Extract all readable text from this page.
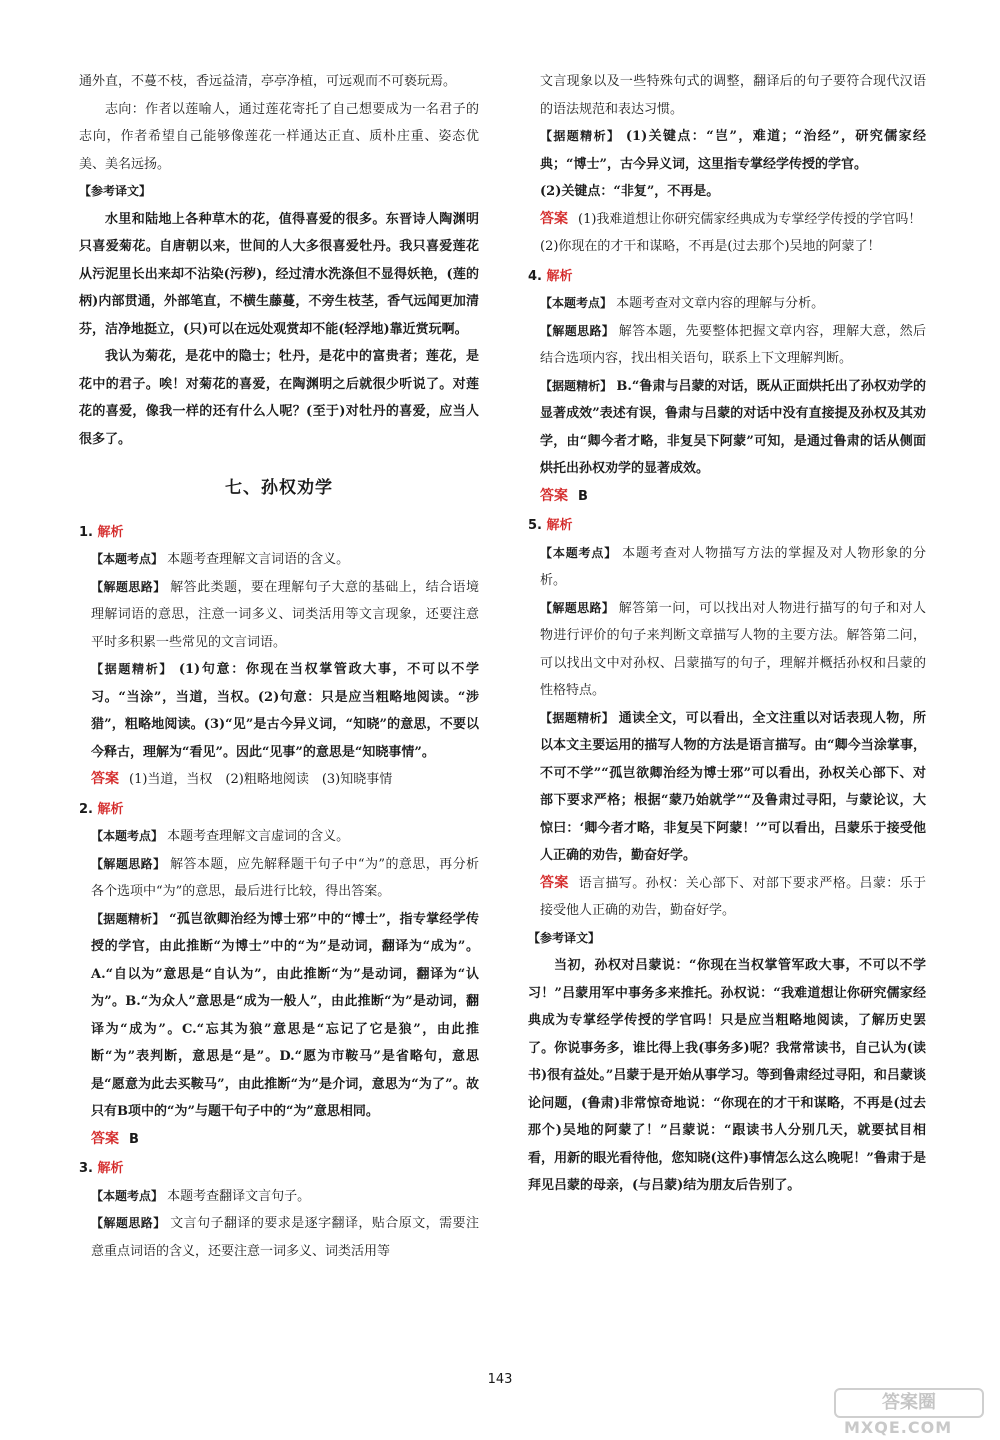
通外直，不蔓不枝，香远益清，亭亭净植，可远观而不可亵玩焉。

志向：作者以莲喻人，通过莲花寄托了自己想要成为一名君子的志向，作者希望自己能够像莲花一样通达正直、质朴庄重、姿态优美、美名远扬。

【参考译文】

水里和陆地上各种草木的花，值得喜爱的很多。东晋诗人陶渊明只喜爱菊花。自唐朝以来，世间的人大多很喜爱牡丹。我只喜爱莲花从污泥里长出来却不沾染(污秽)，经过清水洗涤但不显得妖艳，(莲的柄)内部贯通，外部笔直，不横生藤蔓，不旁生枝茎，香气远闻更加清芬，洁净地挺立，(只)可以在远处观赏却不能(轻浮地)靠近赏玩啊。

我认为菊花，是花中的隐士；牡丹，是花中的富贵者；莲花，是花中的君子。唉！对菊花的喜爱，在陶渊明之后就很少听说了。对莲花的喜爱，像我一样的还有什么人呢？(至于)对牡丹的喜爱，应当人很多了。

七、孙权劝学
1. 解析

【本题考点】 本题考查理解文言词语的含义。

【解题思路】 解答此类题，要在理解句子大意的基础上，结合语境理解词语的意思，注意一词多义、词类活用等文言现象，还要注意平时多积累一些常见的文言词语。

【据题精析】 (1)句意：你现在当权掌管政大事，不可以不学习。“当涂”，当道，当权。(2)句意：只是应当粗略地阅读。“涉猎”，粗略地阅读。(3)“见”是古今异义词，“知晓”的意思，不要以今释古，理解为“看见”。因此“见事”的意思是“知晓事情”。

答案 (1)当道，当权　(2)粗略地阅读　(3)知晓事情

2. 解析

【本题考点】 本题考查理解文言虚词的含义。

【解题思路】 解答本题，应先解释题干句子中“为”的意思，再分析各个选项中“为”的意思，最后进行比较，得出答案。

【据题精析】 “孤岂欲卿治经为博士邪”中的“博士”，指专掌经学传授的学官，由此推断“为博士”中的“为”是动词，翻译为“成为”。A.“自以为”意思是“自认为”，由此推断“为”是动词，翻译为“认为”。B.“为众人”意思是“成为一般人”，由此推断“为”是动词，翻译为“成为”。C.“忘其为狼”意思是“忘记了它是狼”，由此推断“为”表判断，意思是“是”。D.“愿为市鞍马”是省略句，意思是“愿意为此去买鞍马”，由此推断“为”是介词，意思为“为了”。故只有B项中的“为”与题干句子中的“为”意思相同。

答案 B

3. 解析

【本题考点】 本题考查翻译文言句子。

【解题思路】 文言句子翻译的要求是逐字翻译，贴合原文，需要注意重点词语的含义，还要注意一词多义、词类活用等

文言现象以及一些特殊句式的调整，翻译后的句子要符合现代汉语的语法规范和表达习惯。

【据题精析】 (1)关键点：“岂”，难道；“治经”，研究儒家经典；“博士”，古今异义词，这里指专掌经学传授的学官。

(2)关键点：“非复”，不再是。

答案 (1)我难道想让你研究儒家经典成为专掌经学传授的学官吗！

(2)你现在的才干和谋略，不再是(过去那个)吴地的阿蒙了！

4. 解析

【本题考点】 本题考查对文章内容的理解与分析。

【解题思路】 解答本题，先要整体把握文章内容，理解大意，然后结合选项内容，找出相关语句，联系上下文理解判断。

【据题精析】 B.“鲁肃与吕蒙的对话，既从正面烘托出了孙权劝学的显著成效”表述有误，鲁肃与吕蒙的对话中没有直接提及孙权及其劝学，由“卿今者才略，非复吴下阿蒙”可知，是通过鲁肃的话从侧面烘托出孙权劝学的显著成效。

答案 B

5. 解析

【本题考点】 本题考查对人物描写方法的掌握及对人物形象的分析。

【解题思路】 解答第一问，可以找出对人物进行描写的句子和对人物进行评价的句子来判断文章描写人物的主要方法。解答第二问，可以找出文中对孙权、吕蒙描写的句子，理解并概括孙权和吕蒙的性格特点。

【据题精析】 通读全文，可以看出，全文注重以对话表现人物，所以本文主要运用的描写人物的方法是语言描写。由“卿今当涂掌事，不可不学”“孤岂欲卿治经为博士邪”可以看出，孙权关心部下、对部下要求严格；根据“蒙乃始就学”“及鲁肃过寻阳，与蒙论议，大惊曰：‘卿今者才略，非复吴下阿蒙！’”可以看出，吕蒙乐于接受他人正确的劝告，勤奋好学。

答案 语言描写。孙权：关心部下、对部下要求严格。吕蒙：乐于接受他人正确的劝告，勤奋好学。

【参考译文】

当初，孙权对吕蒙说：“你现在当权掌管军政大事，不可以不学习！”吕蒙用军中事务多来推托。孙权说：“我难道想让你研究儒家经典成为专掌经学传授的学官吗！只是应当粗略地阅读，了解历史罢了。你说事务多，谁比得上我(事务多)呢？我常常读书，自己认为(读书)很有益处。”吕蒙于是开始从事学习。等到鲁肃经过寻阳，和吕蒙谈论问题，(鲁肃)非常惊奇地说：“你现在的才干和谋略，不再是(过去那个)吴地的阿蒙了！”吕蒙说：“跟读书人分别几天，就要拭目相看，用新的眼光看待他，您知晓(这件)事情怎么这么晚呢！”鲁肃于是拜见吕蒙的母亲，(与吕蒙)结为朋友后告别了。

143
答案圈
MXQE.COM
